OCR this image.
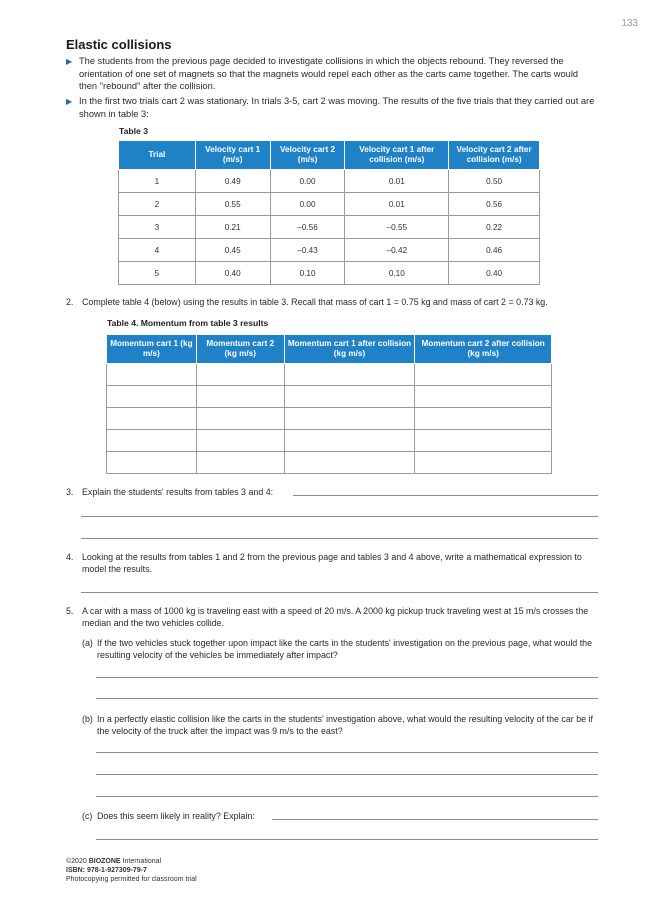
133
Elastic collisions
▶ The students from the previous page decided to investigate collisions in which the objects rebound. They reversed the orientation of one set of magnets so that the magnets would repel each other as the carts came together. The carts would then "rebound" after the collision.
▶ In the first two trials cart 2 was stationary. In trials 3-5, cart 2 was moving. The results of the five trials that they carried out are shown in table 3:
Table 3
Trial	Velocity cart 1 (m/s)	Velocity cart 2 (m/s)	Velocity cart 1 after collision (m/s)	Velocity cart 2 after collision (m/s)
1	0.49	0.00	0.01	0.50
2	0.55	0.00	0.01	0.56
3	0.21	–0.56	–0.55	0.22
4	0.45	–0.43	–0.42	0.46
5	0.40	0.10	0.10	0.40
2. Complete table 4 (below) using the results in table 3. Recall that mass of cart 1 = 0.75 kg and mass of cart 2 = 0.73 kg.
Table 4. Momentum from table 3 results
Momentum cart 1 (kg m/s)	Momentum cart 2 (kg m/s)	Momentum cart 1 after collision (kg m/s)	Momentum cart 2 after collision (kg m/s)

3. Explain the students' results from tables 3 and 4:
4. Looking at the results from tables 1 and 2 from the previous page and tables 3 and 4 above, write a mathematical expression to model the results.
5. A car with a mass of 1000 kg is traveling east with a speed of 20 m/s. A 2000 kg pickup truck traveling west at 15 m/s crosses the median and the two vehicles collide.
(a) If the two vehicles stuck together upon impact like the carts in the students' investigation on the previous page, what would the resulting velocity of the vehicles be immediately after impact?
(b) In a perfectly elastic collision like the carts in the students' investigation above, what would the resulting velocity of the car be if the velocity of the truck after the impact was 9 m/s to the east?
(c) Does this seem likely in reality? Explain:
©2020 BIOZONE International
ISBN: 978-1-927309-79-7
Photocopying permitted for classroom trial
